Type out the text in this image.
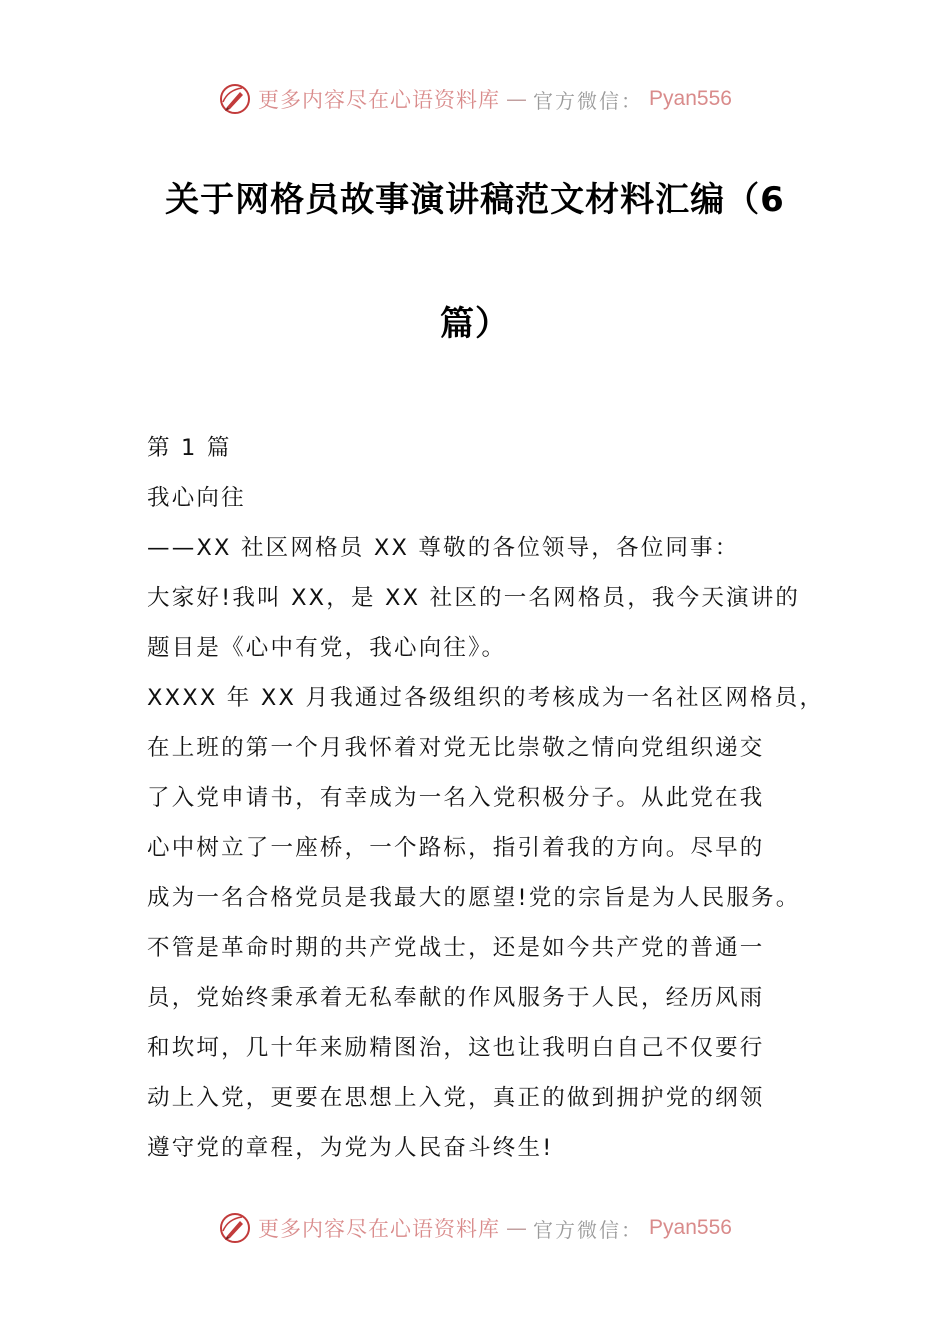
更多内容尽在心语资料库 — 官方微信： Pyan556
关于网格员故事演讲稿范文材料汇编（6
篇）
第 1 篇
我心向往
——XX 社区网格员 XX 尊敬的各位领导，各位同事：
大家好!我叫 XX，是 XX 社区的一名网格员，我今天演讲的
题目是《心中有党，我心向往》。
XXXX 年 XX 月我通过各级组织的考核成为一名社区网格员，
在上班的第一个月我怀着对党无比崇敬之情向党组织递交
了入党申请书，有幸成为一名入党积极分子。从此党在我
心中树立了一座桥，一个路标，指引着我的方向。尽早的
成为一名合格党员是我最大的愿望!党的宗旨是为人民服务。
不管是革命时期的共产党战士，还是如今共产党的普通一
员，党始终秉承着无私奉献的作风服务于人民，经历风雨
和坎坷，几十年来励精图治，这也让我明白自己不仅要行
动上入党，更要在思想上入党，真正的做到拥护党的纲领
遵守党的章程，为党为人民奋斗终生!
更多内容尽在心语资料库 — 官方微信： Pyan556
